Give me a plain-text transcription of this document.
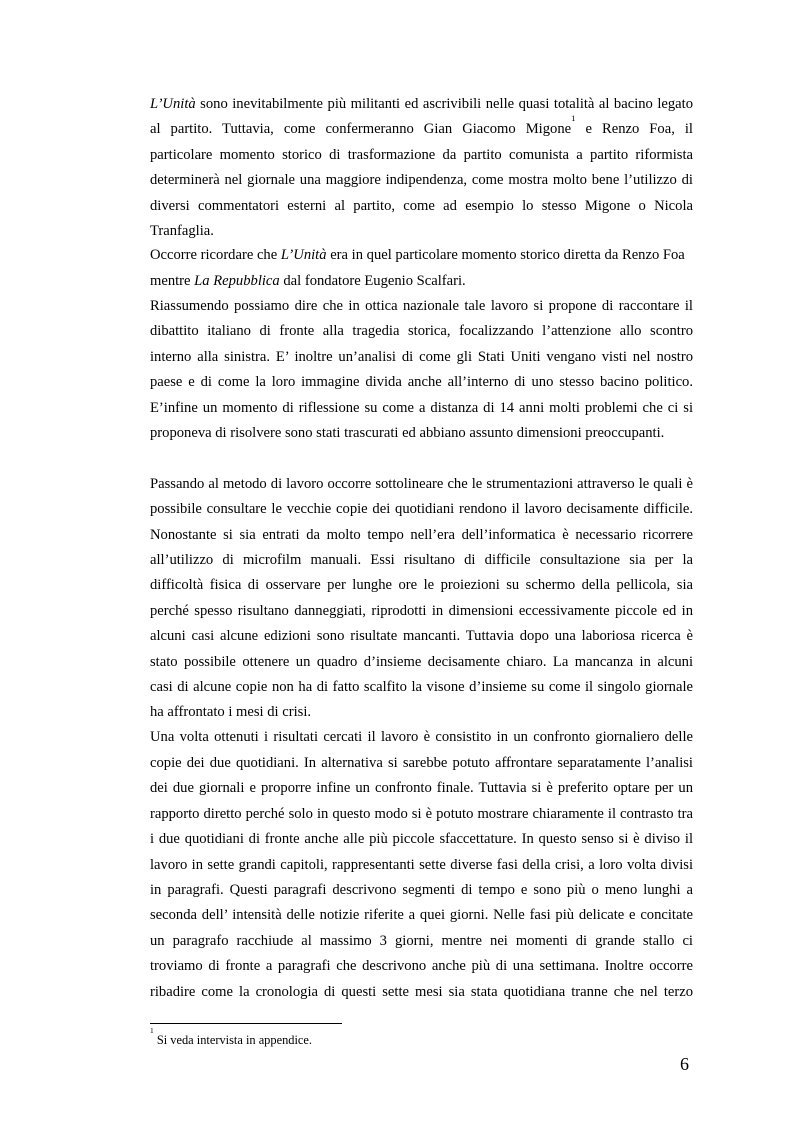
L’Unità sono inevitabilmente più militanti ed ascrivibili nelle quasi totalità al bacino legato
al partito. Tuttavia, come confermeranno Gian Giacomo Migone$^1$ e Renzo Foa, il
particolare momento storico di trasformazione da partito comunista a partito riformista
determinerà nel giornale una maggiore indipendenza, come mostra molto bene l’utilizzo di
diversi commentatori esterni al partito, come ad esempio lo stesso Migone o Nicola
Tranfaglia.
Occorre ricordare che L’Unità era in quel particolare momento storico diretta da Renzo Foa
mentre La Repubblica dal fondatore Eugenio Scalfari.
Riassumendo possiamo dire che in ottica nazionale tale lavoro si propone di raccontare il
dibattito italiano di fronte alla tragedia storica, focalizzando l’attenzione allo scontro
interno alla sinistra. E’ inoltre un’analisi di come gli Stati Uniti vengano visti nel nostro
paese e di come la loro immagine divida anche all’interno di uno stesso bacino politico.
E’infine un momento di riflessione su come a distanza di 14 anni molti problemi che ci si
proponeva di risolvere sono stati trascurati ed abbiano assunto dimensioni preoccupanti.
Passando al metodo di lavoro occorre sottolineare che le strumentazioni attraverso le quali è
possibile consultare le vecchie copie dei quotidiani rendono il lavoro decisamente difficile.
Nonostante si sia entrati da molto tempo nell’era dell’informatica è necessario ricorrere
all’utilizzo di microfilm manuali. Essi risultano di difficile consultazione sia per la
difficoltà fisica di osservare per lunghe ore le proiezioni su schermo della pellicola, sia
perché spesso risultano danneggiati, riprodotti in dimensioni eccessivamente piccole ed in
alcuni casi alcune edizioni sono risultate mancanti. Tuttavia dopo una laboriosa ricerca è
stato possibile ottenere un quadro d’insieme decisamente chiaro. La mancanza in alcuni
casi di alcune copie non ha di fatto scalfito la visone d’insieme su come il singolo giornale
ha affrontato i mesi di crisi.
Una volta ottenuti i risultati cercati il lavoro è consistito in un confronto giornaliero delle
copie dei due quotidiani. In alternativa si sarebbe potuto affrontare separatamente l’analisi
dei due giornali e proporre infine un confronto finale. Tuttavia si è preferito optare per un
rapporto diretto perché solo in questo modo si è potuto mostrare chiaramente il contrasto tra
i due quotidiani di fronte anche alle più piccole sfaccettature. In questo senso si è diviso il
lavoro in sette grandi capitoli, rappresentanti sette diverse fasi della crisi, a loro volta divisi
in paragrafi. Questi paragrafi descrivono segmenti di tempo e sono più o meno lunghi a
seconda dell’ intensità delle notizie riferite a quei giorni. Nelle fasi più delicate e concitate
un paragrafo racchiude al massimo 3 giorni, mentre nei momenti di grande stallo ci
troviamo di fronte a paragrafi che descrivono anche più di una settimana. Inoltre occorre
ribadire come la cronologia di questi sette mesi sia stata quotidiana tranne che nel terzo
$^1$ Si veda intervista in appendice.
6
